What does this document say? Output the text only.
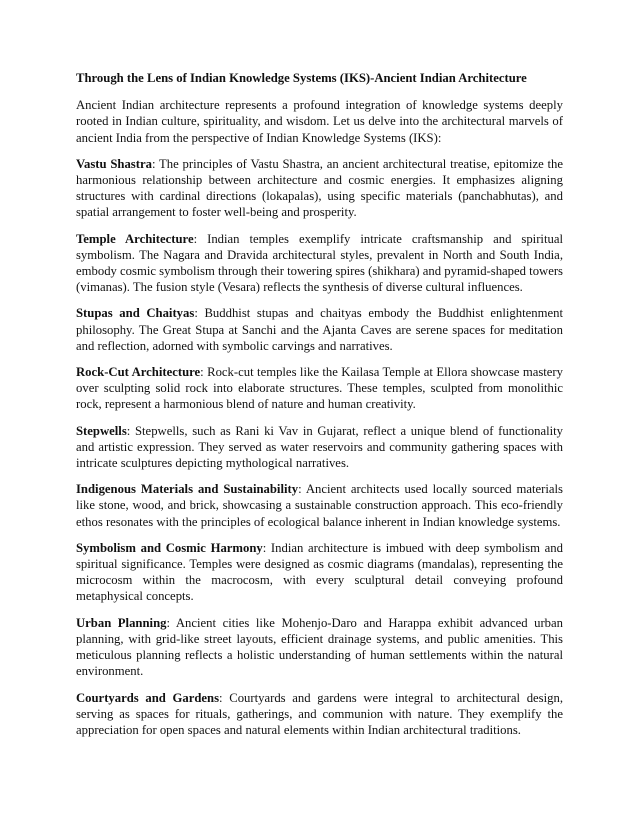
Through the Lens of Indian Knowledge Systems (IKS)-Ancient Indian Architecture

Ancient Indian architecture represents a profound integration of knowledge systems deeply rooted in Indian culture, spirituality, and wisdom. Let us delve into the architectural marvels of ancient India from the perspective of Indian Knowledge Systems (IKS):

Vastu Shastra: The principles of Vastu Shastra, an ancient architectural treatise, epitomize the harmonious relationship between architecture and cosmic energies. It emphasizes aligning structures with cardinal directions (lokapalas), using specific materials (panchabhutas), and spatial arrangement to foster well-being and prosperity.

Temple Architecture: Indian temples exemplify intricate craftsmanship and spiritual symbolism. The Nagara and Dravida architectural styles, prevalent in North and South India, embody cosmic symbolism through their towering spires (shikhara) and pyramid-shaped towers (vimanas). The fusion style (Vesara) reflects the synthesis of diverse cultural influences.

Stupas and Chaityas: Buddhist stupas and chaityas embody the Buddhist enlightenment philosophy. The Great Stupa at Sanchi and the Ajanta Caves are serene spaces for meditation and reflection, adorned with symbolic carvings and narratives.

Rock-Cut Architecture: Rock-cut temples like the Kailasa Temple at Ellora showcase mastery over sculpting solid rock into elaborate structures. These temples, sculpted from monolithic rock, represent a harmonious blend of nature and human creativity.

Stepwells: Stepwells, such as Rani ki Vav in Gujarat, reflect a unique blend of functionality and artistic expression. They served as water reservoirs and community gathering spaces with intricate sculptures depicting mythological narratives.

Indigenous Materials and Sustainability: Ancient architects used locally sourced materials like stone, wood, and brick, showcasing a sustainable construction approach. This eco-friendly ethos resonates with the principles of ecological balance inherent in Indian knowledge systems.

Symbolism and Cosmic Harmony: Indian architecture is imbued with deep symbolism and spiritual significance. Temples were designed as cosmic diagrams (mandalas), representing the microcosm within the macrocosm, with every sculptural detail conveying profound metaphysical concepts.

Urban Planning: Ancient cities like Mohenjo-Daro and Harappa exhibit advanced urban planning, with grid-like street layouts, efficient drainage systems, and public amenities. This meticulous planning reflects a holistic understanding of human settlements within the natural environment.

Courtyards and Gardens: Courtyards and gardens were integral to architectural design, serving as spaces for rituals, gatherings, and communion with nature. They exemplify the appreciation for open spaces and natural elements within Indian architectural traditions.
